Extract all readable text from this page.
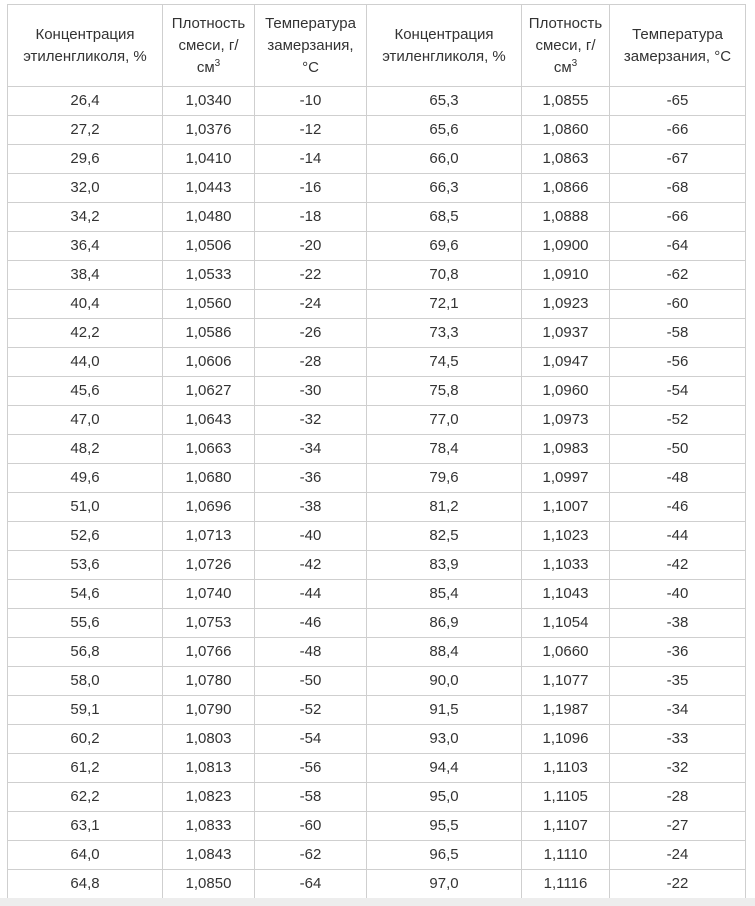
Концентрация
этиленгликоля, %	Плотность
смеси, г/
$см^3$	Температура
замерзания,
°C	Концентрация
этиленгликоля, %	Плотность
смеси, г/
$см^3$	Температура
замерзания, °C
26,4	1,0340	-10	65,3	1,0855	-65
27,2	1,0376	-12	65,6	1,0860	-66
29,6	1,0410	-14	66,0	1,0863	-67
32,0	1,0443	-16	66,3	1,0866	-68
34,2	1,0480	-18	68,5	1,0888	-66
36,4	1,0506	-20	69,6	1,0900	-64
38,4	1,0533	-22	70,8	1,0910	-62
40,4	1,0560	-24	72,1	1,0923	-60
42,2	1,0586	-26	73,3	1,0937	-58
44,0	1,0606	-28	74,5	1,0947	-56
45,6	1,0627	-30	75,8	1,0960	-54
47,0	1,0643	-32	77,0	1,0973	-52
48,2	1,0663	-34	78,4	1,0983	-50
49,6	1,0680	-36	79,6	1,0997	-48
51,0	1,0696	-38	81,2	1,1007	-46
52,6	1,0713	-40	82,5	1,1023	-44
53,6	1,0726	-42	83,9	1,1033	-42
54,6	1,0740	-44	85,4	1,1043	-40
55,6	1,0753	-46	86,9	1,1054	-38
56,8	1,0766	-48	88,4	1,0660	-36
58,0	1,0780	-50	90,0	1,1077	-35
59,1	1,0790	-52	91,5	1,1987	-34
60,2	1,0803	-54	93,0	1,1096	-33
61,2	1,0813	-56	94,4	1,1103	-32
62,2	1,0823	-58	95,0	1,1105	-28
63,1	1,0833	-60	95,5	1,1107	-27
64,0	1,0843	-62	96,5	1,1110	-24
64,8	1,0850	-64	97,0	1,1116	-22
